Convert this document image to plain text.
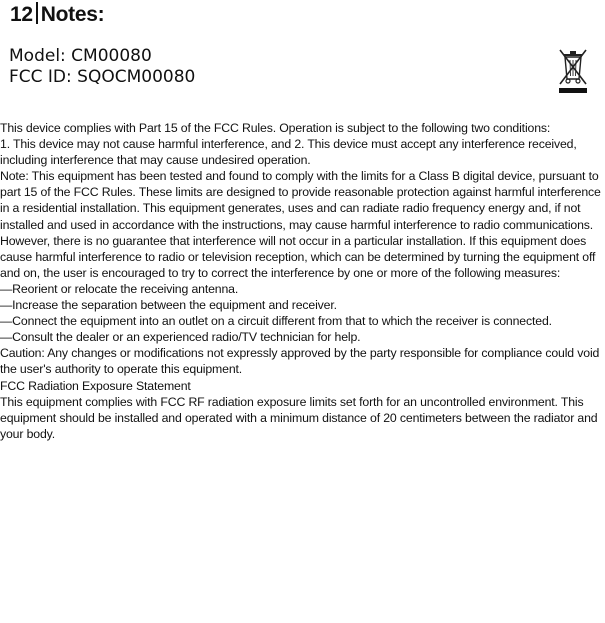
12 Notes:
Model: CM00080
FCC ID: SQOCM00080

This device complies with Part 15 of the FCC Rules. Operation is subject to the following two conditions:

1. This device may not cause harmful interference, and 2. This device must accept any interference received, including interference that may cause undesired operation.

Note: This equipment has been tested and found to comply with the limits for a Class B digital device, pursuant to part 15 of the FCC Rules. These limits are designed to provide reasonable protection against harmful interference in a residential installation. This equipment generates, uses and can radiate radio frequency energy and, if not installed and used in accordance with the instructions, may cause harmful interference to radio communications. However, there is no guarantee that interference will not occur in a particular installation. If this equipment does cause harmful interference to radio or television reception, which can be determined by turning the equipment off

and on, the user is encouraged to try to correct the interference by one or more of the following measures:

—Reorient or relocate the receiving antenna.

—Increase the separation between the equipment and receiver.

—Connect the equipment into an outlet on a circuit different from that to which the receiver is connected.

—Consult the dealer or an experienced radio/TV technician for help.

Caution: Any changes or modifications not expressly approved by the party responsible for compliance could void the user's authority to operate this equipment.

FCC Radiation Exposure Statement

This equipment complies with FCC RF radiation exposure limits set forth for an uncontrolled environment. This equipment should be installed and operated with a minimum distance of 20 centimeters between the radiator and your body.
